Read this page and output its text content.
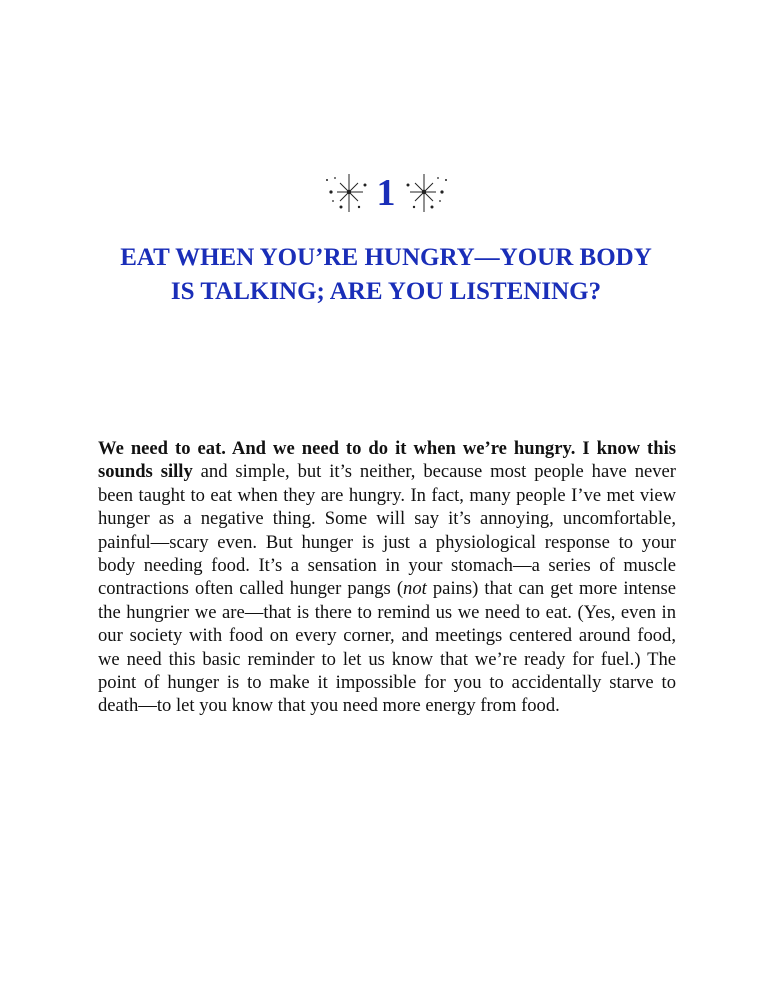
1
EAT WHEN YOU’RE HUNGRY—YOUR BODY
IS TALKING; ARE YOU LISTENING?
We need to eat. And we need to do it when we’re hungry. I know this
sounds silly and simple, but it’s neither, because most people have never
been taught to eat when they are hungry. In fact, many people I’ve met view
hunger as a negative thing. Some will say it’s annoying, uncomfortable,
painful—scary even. But hunger is just a physiological response to your
body needing food. It’s a sensation in your stomach—a series of muscle
contractions often called hunger pangs (not pains) that can get more intense
the hungrier we are—that is there to remind us we need to eat. (Yes, even in
our society with food on every corner, and meetings centered around food,
we need this basic reminder to let us know that we’re ready for fuel.) The
point of hunger is to make it impossible for you to accidentally starve to
death—to let you know that you need more energy from food.
